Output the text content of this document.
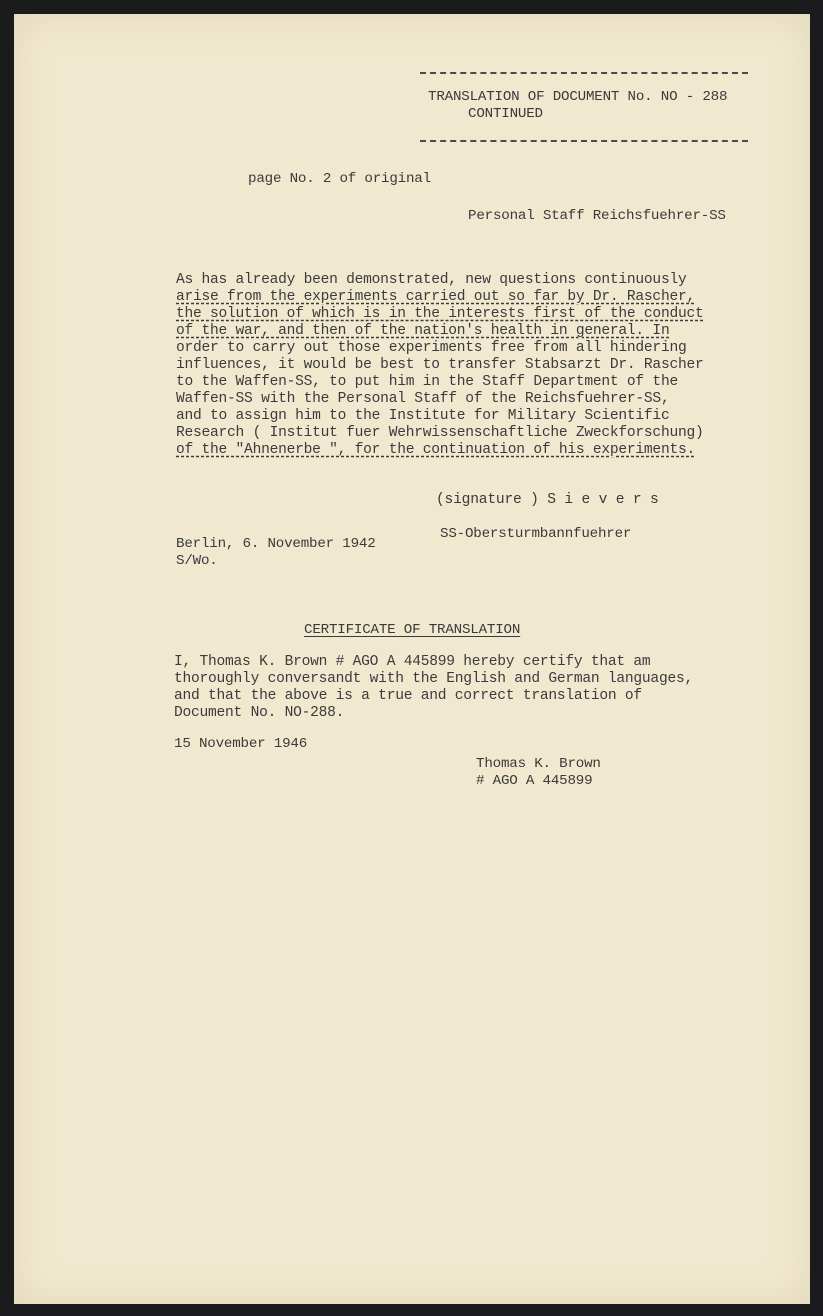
TRANSLATION OF DOCUMENT No. NO - 288
CONTINUED
page No. 2 of original
Personal Staff Reichsfuehrer-SS
As has already been demonstrated, new questions continuously
arise from the experiments carried out so far by Dr. Rascher,
the solution of which is in the interests first of the conduct
of the war, and then of the nation's health in general. In
order to carry out those experiments free from all hindering
influences, it would be best to transfer Stabsarzt Dr. Rascher
to the Waffen-SS, to put him in the Staff Department of the
Waffen-SS with the Personal Staff of the Reichsfuehrer-SS,
and to assign him to the Institute for Military Scientific
Research ( Institut fuer Wehrwissenschaftliche Zweckforschung)
of the "Ahnenerbe ", for the continuation of his experiments.
(signature ) S i e v e r s
SS-Obersturmbannfuehrer
Berlin, 6. November 1942
S/Wo.
CERTIFICATE OF TRANSLATION
I, Thomas K. Brown # AGO A 445899 hereby certify that am
thoroughly conversandt with the English and German languages,
and that the above is a true and correct translation of
Document No. NO-288.
15 November 1946
Thomas K. Brown
# AGO A 445899
